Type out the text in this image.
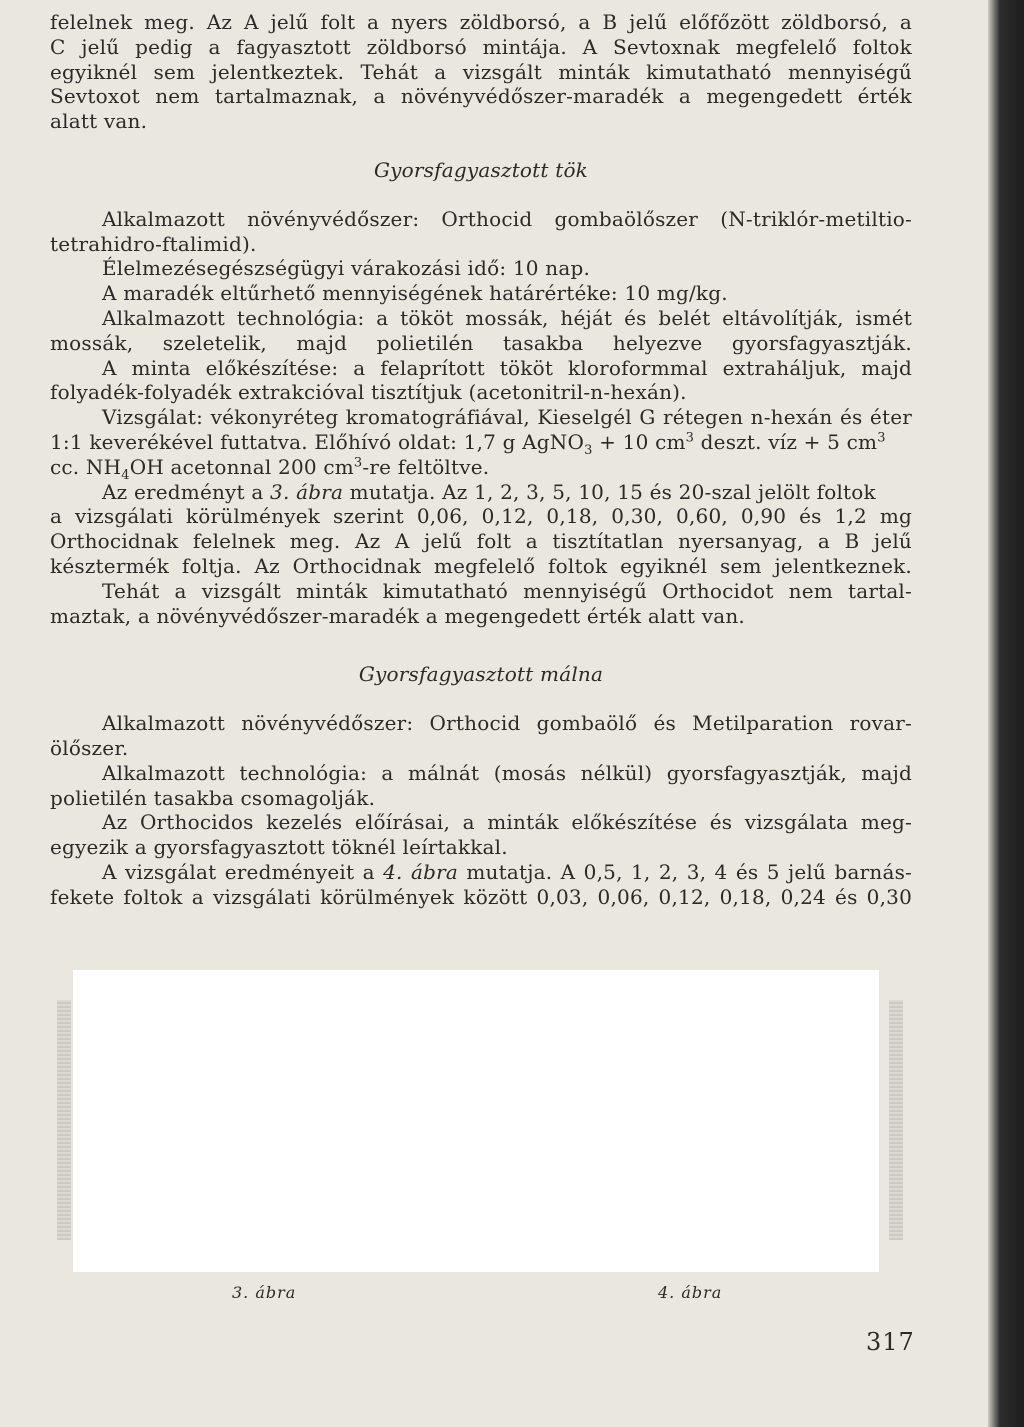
felelnek meg. Az A jelű folt a nyers zöldborsó, a B jelű előfőzött zöldborsó, a
C jelű pedig a fagyasztott zöldborsó mintája. A Sevtoxnak megfelelő foltok
egyiknél sem jelentkeztek. Tehát a vizsgált minták kimutatható mennyiségű
Sevtoxot nem tartalmaznak, a növényvédőszer-maradék a megengedett érték
alatt van.
Gyorsfagyasztott tök
Alkalmazott növényvédőszer: Orthocid gombaölőszer (N-triklór-metiltio-
tetrahidro-ftalimid).
Élelmezésegészségügyi várakozási idő: 10 nap.
A maradék eltűrhető mennyiségének határértéke: 10 mg/kg.
Alkalmazott technológia: a tököt mossák, héját és belét eltávolítják, ismét
mossák, szeletelik, majd polietilén tasakba helyezve gyorsfagyasztják.
A minta előkészítése: a felaprított tököt kloroformmal extraháljuk, majd
folyadék-folyadék extrakcióval tisztítjuk (acetonitril-n-hexán).
Vizsgálat: vékonyréteg kromatográfiával, Kieselgél G rétegen n-hexán és éter
1:1 keverékével futtatva. Előhívó oldat: 1,7 g AgNO$_3$ + 10 $cm^3$ deszt. víz + 5 $cm^3$
cc. $NH_4OH$ acetonnal 200 $cm^3-re$ feltöltve.
Az eredményt a 3. ábra mutatja. Az 1, 2, 3, 5, 10, 15 és 20-szal jelölt foltok
a vizsgálati körülmények szerint 0,06, 0,12, 0,18, 0,30, 0,60, 0,90 és 1,2 mg
Orthocidnak felelnek meg. Az A jelű folt a tisztítatlan nyersanyag, a B jelű
késztermék foltja. Az Orthocidnak megfelelő foltok egyiknél sem jelentkeznek.
Tehát a vizsgált minták kimutatható mennyiségű Orthocidot nem tartal-
maztak, a növényvédőszer-maradék a megengedett érték alatt van.
Gyorsfagyasztott málna
Alkalmazott növényvédőszer: Orthocid gombaölő és Metilparation rovar-
ölőszer.
Alkalmazott technológia: a málnát (mosás nélkül) gyorsfagyasztják, majd
polietilén tasakba csomagolják.
Az Orthocidos kezelés előírásai, a minták előkészítése és vizsgálata meg-
egyezik a gyorsfagyasztott töknél leírtakkal.
A vizsgálat eredményeit a 4. ábra mutatja. A 0,5, 1, 2, 3, 4 és 5 jelű barnás-
fekete foltok a vizsgálati körülmények között 0,03, 0,06, 0,12, 0,18, 0,24 és 0,30
3. ábra	4. ábra
317
